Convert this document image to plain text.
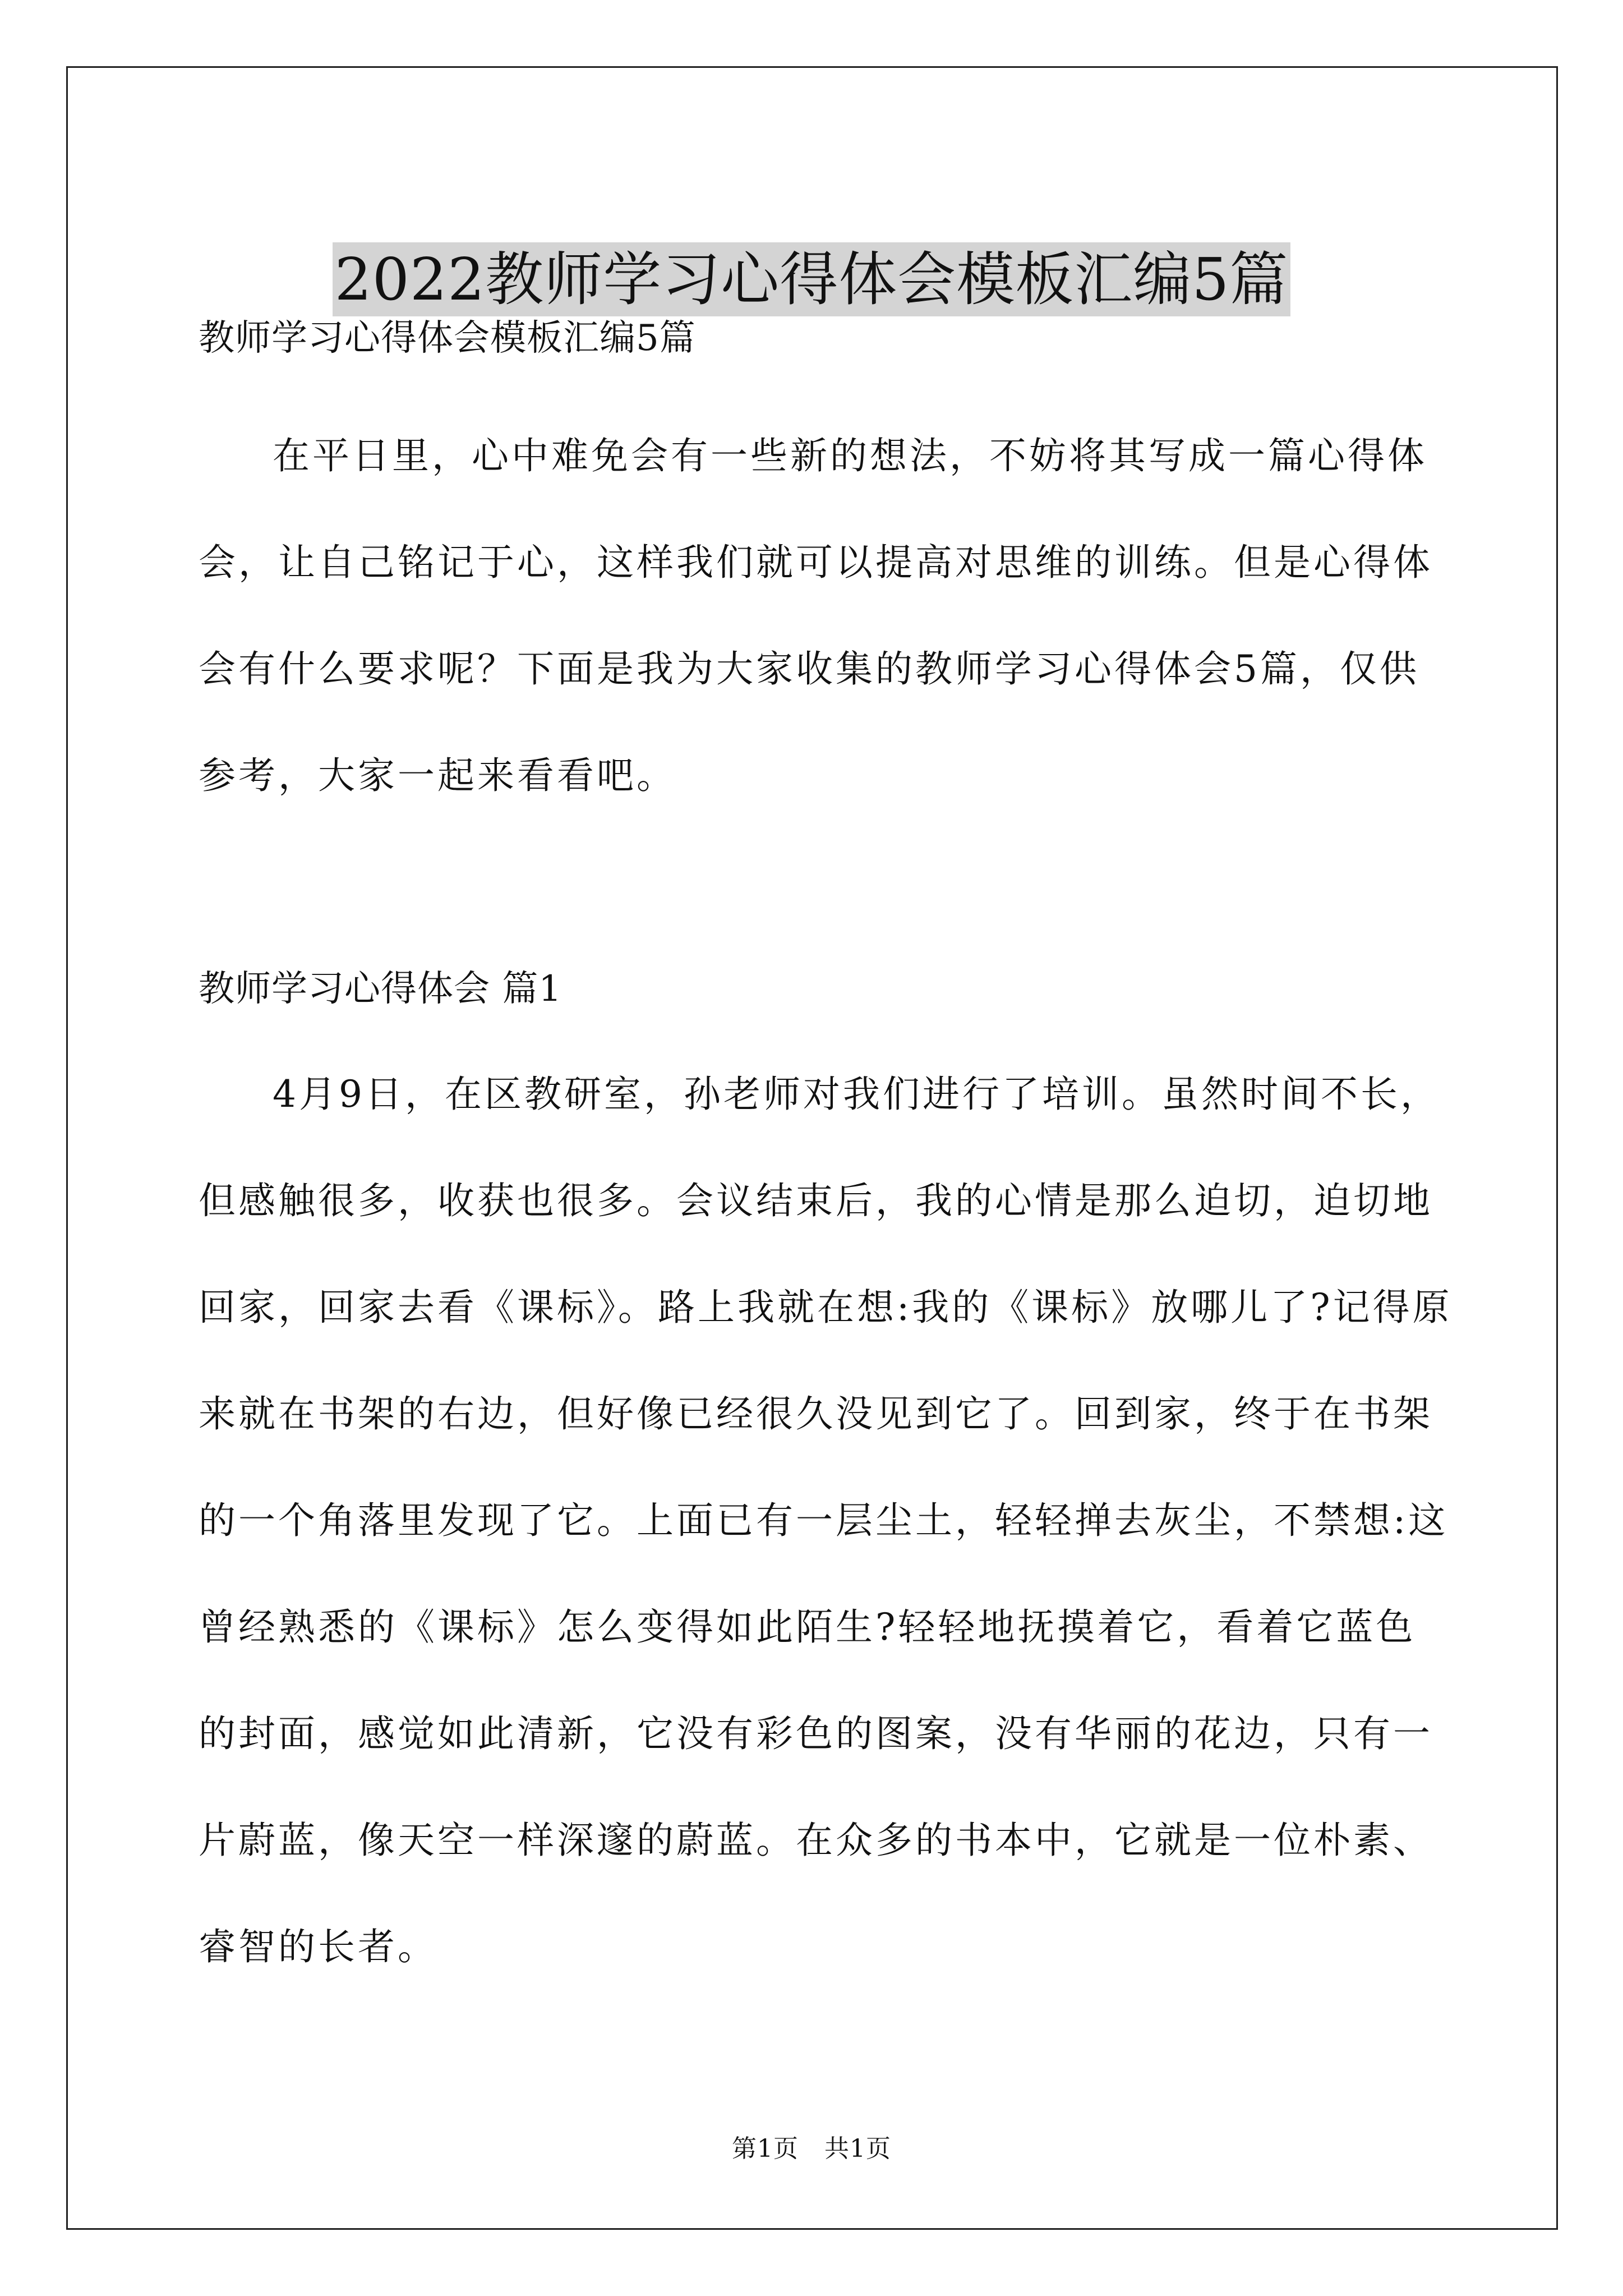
2022教师学习心得体会模板汇编5篇

教师学习心得体会模板汇编5篇

在平日里，心中难免会有一些新的想法，不妨将其写成一篇心得体会，让自己铭记于心，这样我们就可以提高对思维的训练。但是心得体会有什么要求呢？下面是我为大家收集的教师学习心得体会5篇，仅供参考，大家一起来看看吧。

教师学习心得体会 篇1

4月9日，在区教研室，孙老师对我们进行了培训。虽然时间不长，但感触很多，收获也很多。会议结束后，我的心情是那么迫切，迫切地回家，回家去看《课标》。路上我就在想:我的《课标》放哪儿了?记得原来就在书架的右边，但好像已经很久没见到它了。回到家，终于在书架的一个角落里发现了它。上面已有一层尘土，轻轻掸去灰尘，不禁想:这曾经熟悉的《课标》怎么变得如此陌生?轻轻地抚摸着它，看着它蓝色的封面，感觉如此清新，它没有彩色的图案，没有华丽的花边，只有一片蔚蓝，像天空一样深邃的蔚蓝。在众多的书本中，它就是一位朴素、睿智的长者。

第1页 共1页
